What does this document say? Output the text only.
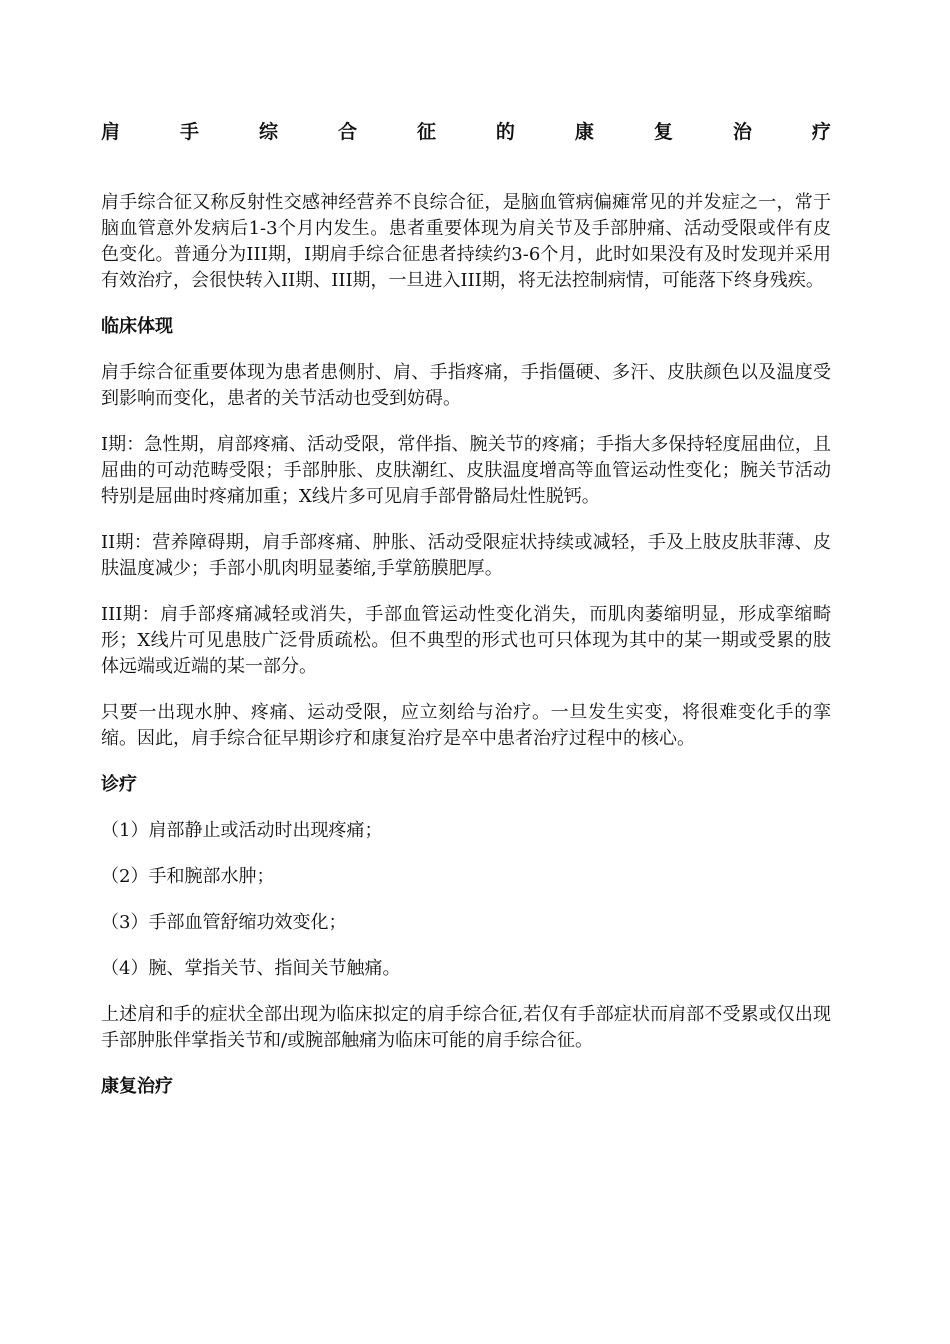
肩	手	综	合	征	的	康	复	治	疗

肩手综合征又称反射性交感神经营养不良综合征，是脑血管病偏瘫常见的并发症之一，常于脑血管意外发病后1-3个月内发生。患者重要体现为肩关节及手部肿痛、活动受限或伴有皮色变化。普通分为III期，I期肩手综合征患者持续约3-6个月，此时如果没有及时发现并采用有效治疗，会很快转入II期、III期，一旦进入III期，将无法控制病情，可能落下终身残疾。

临床体现

肩手综合征重要体现为患者患侧肘、肩、手指疼痛，手指僵硬、多汗、皮肤颜色以及温度受到影响而变化，患者的关节活动也受到妨碍。

I期：急性期，肩部疼痛、活动受限，常伴指、腕关节的疼痛；手指大多保持轻度屈曲位，且屈曲的可动范畴受限；手部肿胀、皮肤潮红、皮肤温度增高等血管运动性变化；腕关节活动特别是屈曲时疼痛加重；X线片多可见肩手部骨骼局灶性脱钙。

II期：营养障碍期，肩手部疼痛、肿胀、活动受限症状持续或减轻，手及上肢皮肤菲薄、皮肤温度减少；手部小肌肉明显萎缩,手掌筋膜肥厚。

III期：肩手部疼痛减轻或消失，手部血管运动性变化消失，而肌肉萎缩明显，形成挛缩畸形；X线片可见患肢广泛骨质疏松。但不典型的形式也可只体现为其中的某一期或受累的肢体远端或近端的某一部分。

只要一出现水肿、疼痛、运动受限，应立刻给与治疗。一旦发生实变，将很难变化手的挛缩。因此，肩手综合征早期诊疗和康复治疗是卒中患者治疗过程中的核心。

诊疗
（1）肩部静止或活动时出现疼痛；
（2）手和腕部水肿；
（3）手部血管舒缩功效变化；
（4）腕、掌指关节、指间关节触痛。

上述肩和手的症状全部出现为临床拟定的肩手综合征,若仅有手部症状而肩部不受累或仅出现手部肿胀伴掌指关节和/或腕部触痛为临床可能的肩手综合征。

康复治疗
